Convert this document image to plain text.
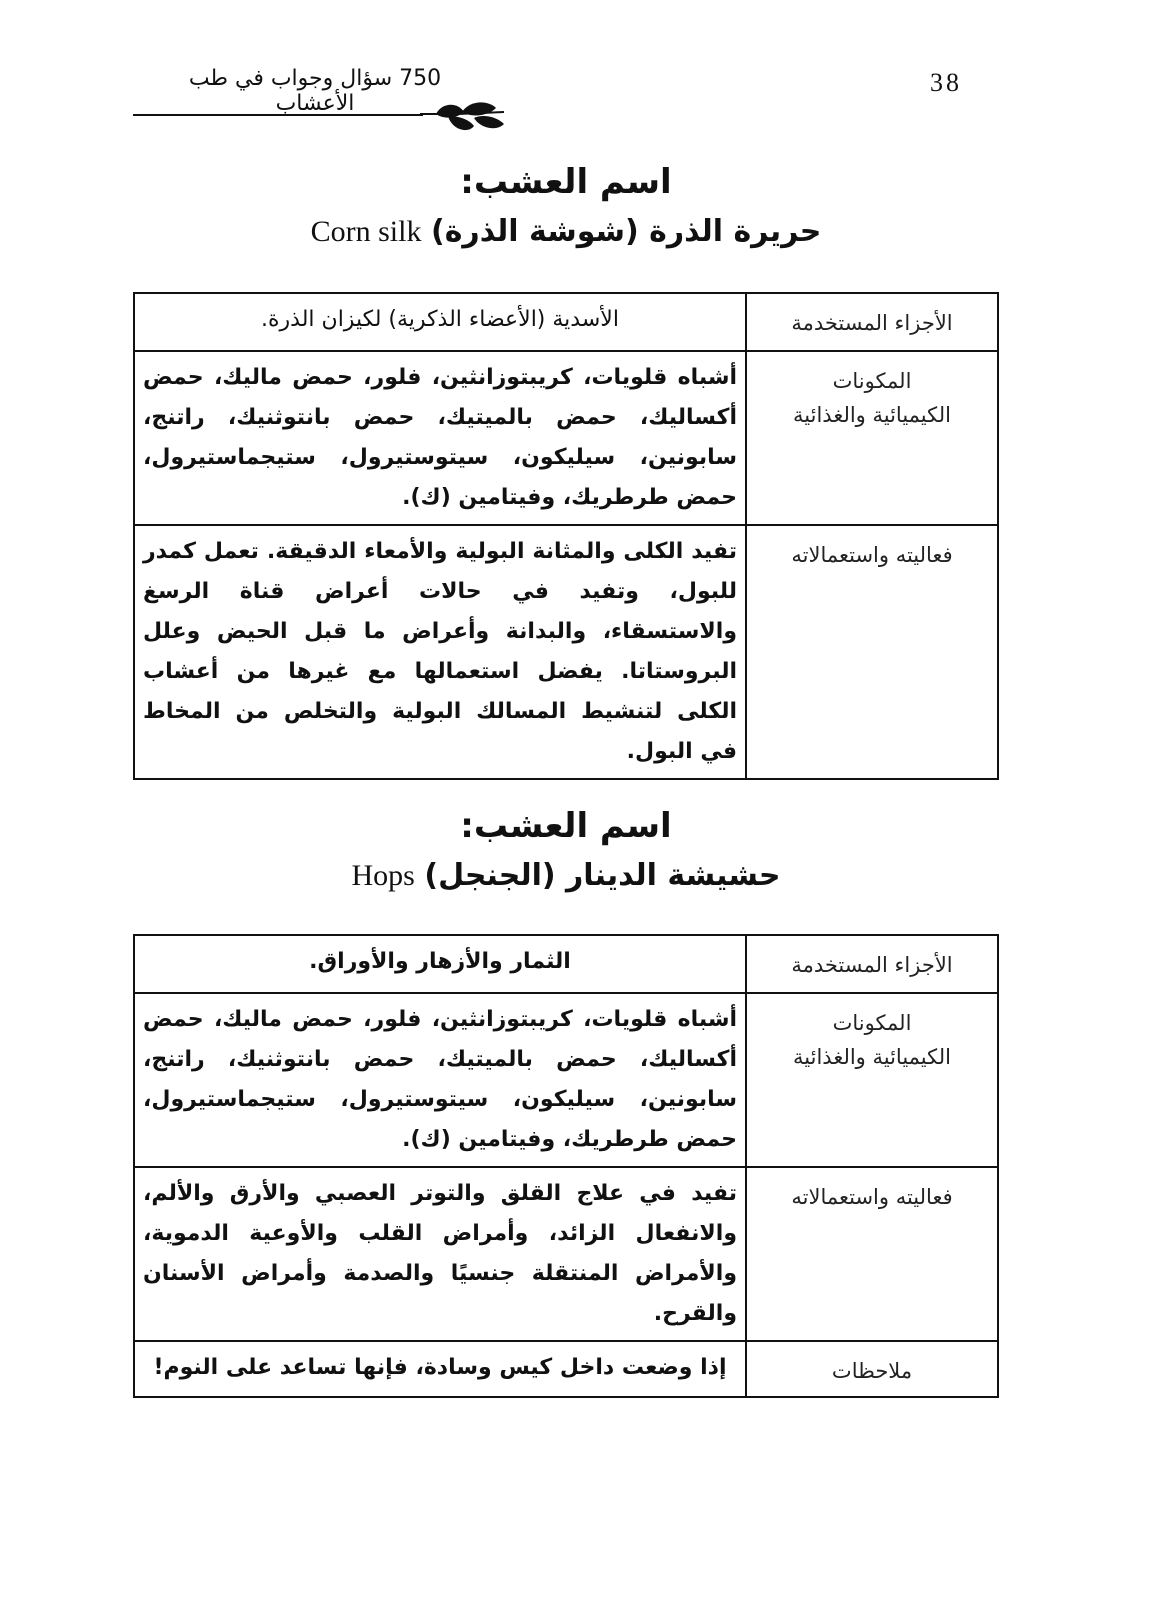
38
750 سؤال وجواب في طب الأعشاب
اسم العشب:
حريرة الذرة (شوشة الذرة) Corn silk
الأجزاء المستخدمة	الأسدية (الأعضاء الذكرية) لكيزان الذرة.

المكونات
الكيميائية والغذائية	أشباه قلويات، كريبتوزانثين، فلور، حمض ماليك، حمض أكساليك، حمض بالميتيك، حمض بانتوثنيك، راتنج، سابونين، سيليكون، سيتوستيرول، ستيجماستيرول، حمض طرطريك، وفيتامين (ك).

فعاليته واستعمالاته	تفيد الكلى والمثانة البولية والأمعاء الدقيقة. تعمل كمدر للبول، وتفيد في حالات أعراض قناة الرسغ والاستسقاء، والبدانة وأعراض ما قبل الحيض وعلل البروستاتا. يفضل استعمالها مع غيرها من أعشاب الكلى لتنشيط المسالك البولية والتخلص من المخاط في البول.
اسم العشب:
حشيشة الدينار (الجنجل) Hops
الأجزاء المستخدمة	الثمار والأزهار والأوراق.

المكونات
الكيميائية والغذائية	أشباه قلويات، كريبتوزانثين، فلور، حمض ماليك، حمض أكساليك، حمض بالميتيك، حمض بانتوثنيك، راتنج، سابونين، سيليكون، سيتوستيرول، ستيجماستيرول، حمض طرطريك، وفيتامين (ك).

فعاليته واستعمالاته	تفيد في علاج القلق والتوتر العصبي والأرق والألم، والانفعال الزائد، وأمراض القلب والأوعية الدموية، والأمراض المنتقلة جنسيًا والصدمة وأمراض الأسنان والقرح.

ملاحظات	إذا وضعت داخل كيس وسادة، فإنها تساعد على النوم!
